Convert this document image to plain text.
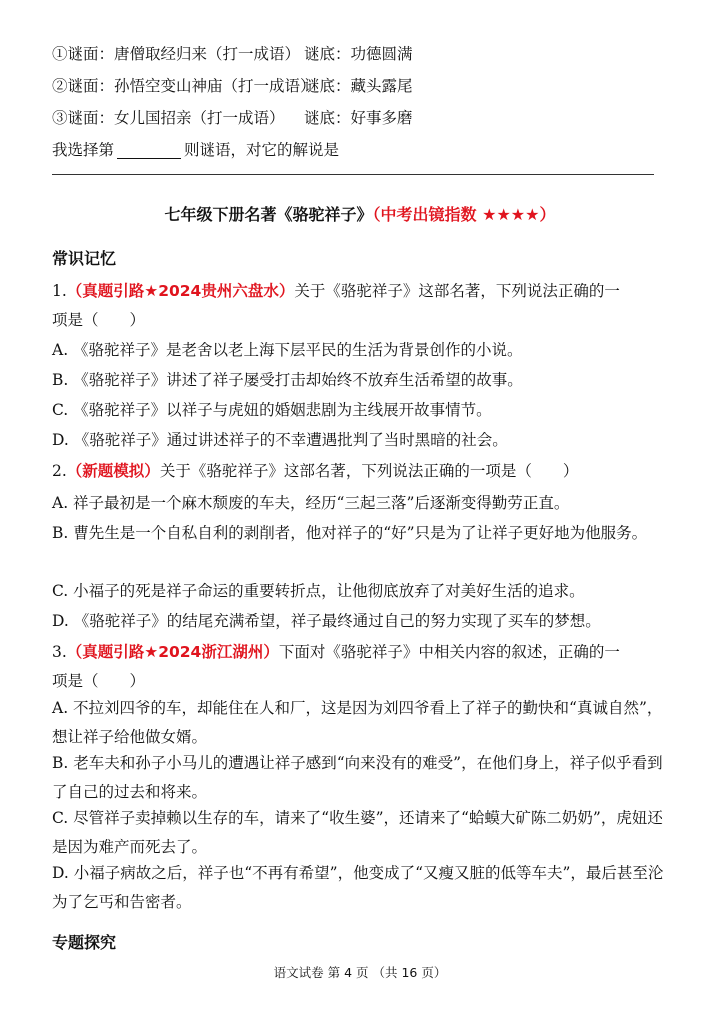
①谜面：唐僧取经归来（打一成语） 谜底：功德圆满
②谜面：孙悟空变山神庙（打一成语）谜底：藏头露尾
③谜面：女儿国招亲（打一成语） 谜底：好事多磨
我选择第	则谜语，对它的解说是
七年级下册名著《骆驼祥子》（中考出镜指数 ★★★★）
常识记忆
1.（真题引路★2024贵州六盘水）关于《骆驼祥子》这部名著，下列说法正确的一
项是（　　）
A. 《骆驼祥子》是老舍以老上海下层平民的生活为背景创作的小说。
B. 《骆驼祥子》讲述了祥子屡受打击却始终不放弃生活希望的故事。
C. 《骆驼祥子》以祥子与虎妞的婚姻悲剧为主线展开故事情节。
D. 《骆驼祥子》通过讲述祥子的不幸遭遇批判了当时黑暗的社会。
2.（新题模拟）关于《骆驼祥子》这部名著，下列说法正确的一项是（　　）
A. 祥子最初是一个麻木颓废的车夫，经历“三起三落”后逐渐变得勤劳正直。
B. 曹先生是一个自私自利的剥削者，他对祥子的“好”只是为了让祥子更好地为他服务。
C. 小福子的死是祥子命运的重要转折点，让他彻底放弃了对美好生活的追求。
D. 《骆驼祥子》的结尾充满希望，祥子最终通过自己的努力实现了买车的梦想。
3.（真题引路★2024浙江湖州）下面对《骆驼祥子》中相关内容的叙述，正确的一
项是（　　）
A. 不拉刘四爷的车，却能住在人和厂，这是因为刘四爷看上了祥子的勤快和“真诚自然”，想让祥子给他做女婿。
B. 老车夫和孙子小马儿的遭遇让祥子感到“向来没有的难受”，在他们身上，祥子似乎看到了自己的过去和将来。
C. 尽管祥子卖掉赖以生存的车，请来了“收生婆”，还请来了“蛤蟆大矿陈二奶奶”，虎妞还是因为难产而死去了。
D. 小福子病故之后，祥子也“不再有希望”，他变成了“又瘦又脏的低等车夫”，最后甚至沦为了乞丐和告密者。
专题探究
语文试卷 第 4 页 （共 16 页）
